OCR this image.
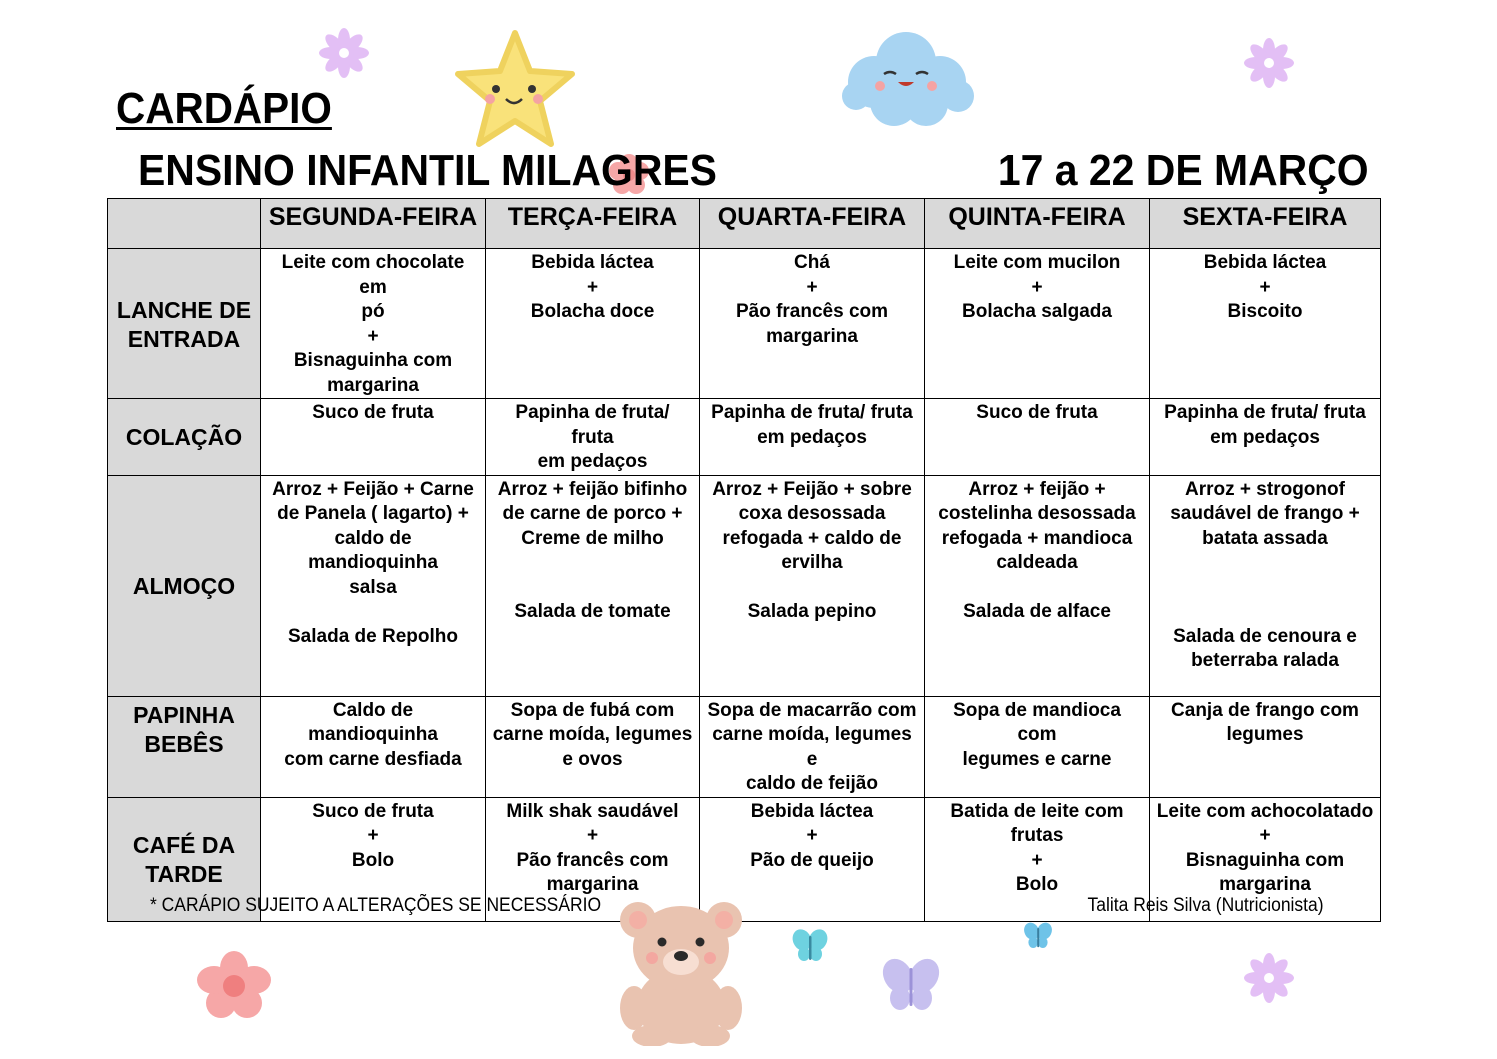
CARDÁPIO
ENSINO INFANTIL MILAGRES	17 a 22 DE MARÇO
	SEGUNDA-FEIRA	TERÇA-FEIRA	QUARTA-FEIRA	QUINTA-FEIRA	SEXTA-FEIRA

LANCHE DE
ENTRADA	Leite com chocolate em
pó
+
Bisnaguinha com
margarina	Bebida láctea
+
Bolacha doce	Chá
+
Pão francês com
margarina	Leite com mucilon
+
Bolacha salgada	Bebida láctea
+
Biscoito

COLAÇÃO	Suco de fruta	Papinha de fruta/ fruta
em pedaços	Papinha de fruta/ fruta
em pedaços	Suco de fruta	Papinha de fruta/ fruta
em pedaços

ALMOÇO	Arroz + Feijão + Carne
de Panela ( lagarto) +
caldo de mandioquinha
salsa

Salada de Repolho	Arroz + feijão bifinho
de carne de porco +
Creme de milho

Salada de tomate	Arroz + Feijão + sobre
coxa desossada
refogada + caldo de
ervilha

Salada pepino	Arroz + feijão +
costelinha desossada
refogada + mandioca
caldeada

Salada de alface	Arroz + strogonof
saudável de frango +
batata assada

Salada de cenoura e
beterraba ralada

PAPINHA
BEBÊS	Caldo de mandioquinha
com carne desfiada	Sopa de fubá com
carne moída, legumes
e ovos	Sopa de macarrão com
carne moída, legumes e
caldo de feijão	Sopa de mandioca com
legumes e carne	Canja de frango com
legumes

CAFÉ DA
TARDE	Suco de fruta
+
Bolo	Milk shak saudável
+
Pão francês com
margarina	Bebida láctea
+
Pão de queijo	Batida de leite com
frutas
+
Bolo	Leite com achocolatado
+
Bisnaguinha com
margarina
* CARÁPIO SUJEITO A ALTERAÇÕES SE NECESSÁRIO	Talita Reis Silva (Nutricionista)
